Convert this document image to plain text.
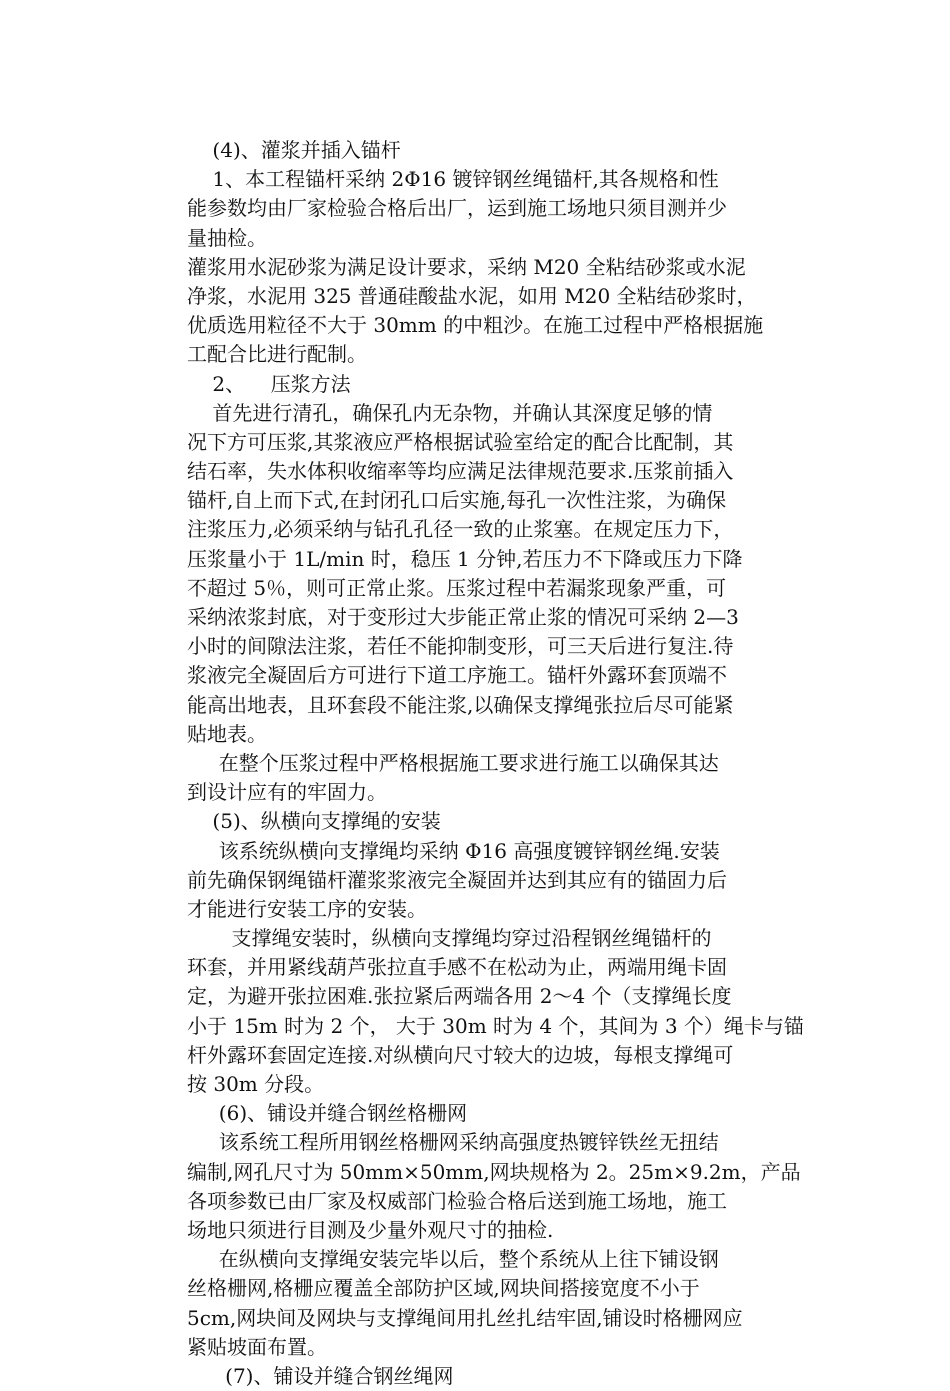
(4)、灌浆并插入锚杆
1、本工程锚杆采纳 2Φ16 镀锌钢丝绳锚杆,其各规格和性
能参数均由厂家检验合格后出厂，运到施工场地只须目测并少
量抽检。
灌浆用水泥砂浆为满足设计要求，采纳 M20 全粘结砂浆或水泥
净浆，水泥用 325 普通硅酸盐水泥，如用 M20 全粘结砂浆时，
优质选用粒径不大于 30mm 的中粗沙。在施工过程中严格根据施
工配合比进行配制。
2、    压浆方法
首先进行清孔，确保孔内无杂物，并确认其深度足够的情
况下方可压浆,其浆液应严格根据试验室给定的配合比配制，其
结石率，失水体积收缩率等均应满足法律规范要求.压浆前插入
锚杆,自上而下式,在封闭孔口后实施,每孔一次性注浆，为确保
注浆压力,必须采纳与钻孔孔径一致的止浆塞。在规定压力下，
压浆量小于 1L/min 时，稳压 1 分钟,若压力不下降或压力下降
不超过 5％，则可正常止浆。压浆过程中若漏浆现象严重，可
采纳浓浆封底，对于变形过大步能正常止浆的情况可采纳 2—3
小时的间隙法注浆，若任不能抑制变形，可三天后进行复注.待
浆液完全凝固后方可进行下道工序施工。锚杆外露环套顶端不
能高出地表，且环套段不能注浆,以确保支撑绳张拉后尽可能紧
贴地表。
在整个压浆过程中严格根据施工要求进行施工以确保其达
到设计应有的牢固力。
(5)、纵横向支撑绳的安装
该系统纵横向支撑绳均采纳 Φ16 高强度镀锌钢丝绳.安装
前先确保钢绳锚杆灌浆浆液完全凝固并达到其应有的锚固力后
才能进行安装工序的安装。
支撑绳安装时，纵横向支撑绳均穿过沿程钢丝绳锚杆的
环套，并用紧线葫芦张拉直手感不在松动为止，两端用绳卡固
定，为避开张拉困难.张拉紧后两端各用 2～4 个（支撑绳长度
小于 15m 时为 2 个， 大于 30m 时为 4 个，其间为 3 个）绳卡与锚
杆外露环套固定连接.对纵横向尺寸较大的边坡，每根支撑绳可
按 30m 分段。
(6)、铺设并缝合钢丝格栅网
该系统工程所用钢丝格栅网采纳高强度热镀锌铁丝无扭结
编制,网孔尺寸为 50mm×50mm,网块规格为 2。25m×9.2m，产品
各项参数已由厂家及权威部门检验合格后送到施工场地，施工
场地只须进行目测及少量外观尺寸的抽检.
在纵横向支撑绳安装完毕以后，整个系统从上往下铺设钢
丝格栅网,格栅应覆盖全部防护区域,网块间搭接宽度不小于
5cm,网块间及网块与支撑绳间用扎丝扎结牢固,铺设时格栅网应
紧贴坡面布置。
(7)、铺设并缝合钢丝绳网
